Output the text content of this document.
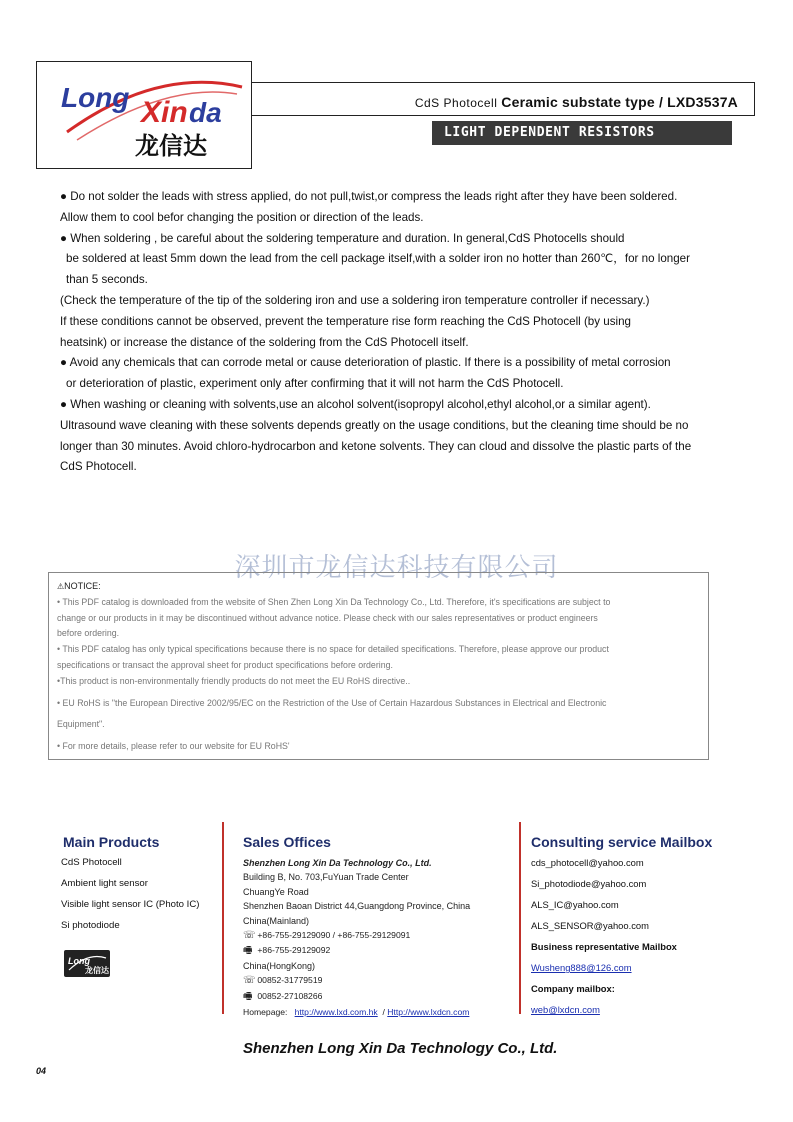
Long Xin da
龙信达
CdS Photocell Ceramic substate type / LXD3537A
LIGHT DEPENDENT RESISTORS

● Do not solder the leads with stress applied, do not pull,twist,or compress the leads right after they have been soldered.

Allow them to cool befor changing the position or direction of the leads.

● When soldering , be careful about the soldering temperature and duration. In general,CdS Photocells should

be soldered at least 5mm down the lead from the cell package itself,with a solder iron no hotter than 260℃，for no longer

than 5 seconds.

(Check the temperature of the tip of the soldering iron and use a soldering iron temperature controller if necessary.)

If these conditions cannot be observed, prevent the temperature rise form reaching the CdS Photocell (by using

heatsink) or increase the distance of the soldering from the CdS Photocell itself.

● Avoid any chemicals that can corrode metal or cause deterioration of plastic. If there is a possibility of metal corrosion

or deterioration of plastic, experiment only after confirming that it will not harm the CdS Photocell.

● When washing or cleaning with solvents,use an alcohol solvent(isopropyl alcohol,ethyl alcohol,or a similar agent).

Ultrasound wave cleaning with these solvents depends greatly on the usage conditions, but the cleaning time should be no

longer than 30 minutes. Avoid chloro-hydrocarbon and ketone solvents. They can cloud and dissolve the plastic parts of the

CdS Photocell.

深圳市龙信达科技有限公司

⚠NOTICE:

• This PDF catalog is downloaded from the website of Shen Zhen Long Xin Da Technology Co., Ltd. Therefore, it's specifications are subject to

change or our products in it may be discontinued without advance notice. Please check with our sales representatives or product engineers

before ordering.

• This PDF catalog has only typical specifications because there is no space for detailed specifications. Therefore, please approve our product

specifications or transact the approval sheet for product specifications before ordering.

•This product is non-environmentally friendly products do not meet the EU RoHS directive..

• EU RoHS is "the European Directive 2002/95/EC on the Restriction of the Use of Certain Hazardous Substances in Electrical and Electronic

Equipment".

• For more details, please refer to our website for EU RoHS'

Main Products
CdS Photocell
Ambient light sensor
Visible light sensor IC (Photo IC)
Si photodiode
Long
龙信达
Sales Offices
Shenzhen Long Xin Da Technology Co., Ltd.
Building B, No. 703,FuYuan Trade Center
ChuangYe Road
Shenzhen Baoan District 44,Guangdong Province, China
China(Mainland)
☏ +86-755-29129090 / +86-755-29129091
🖷 +86-755-29129092
China(HongKong)
☏ 00852-31779519
🖷 00852-27108266
Homepage: http://www.lxd.com.hk / Http://www.lxdcn.com
Consulting service Mailbox
cds_photocell@yahoo.com
Si_photodiode@yahoo.com
ALS_IC@yahoo.com
ALS_SENSOR@yahoo.com
Business representative Mailbox
Wusheng888@126.com
Company mailbox:
web@lxdcn.com
Shenzhen Long Xin Da Technology Co., Ltd.
04
